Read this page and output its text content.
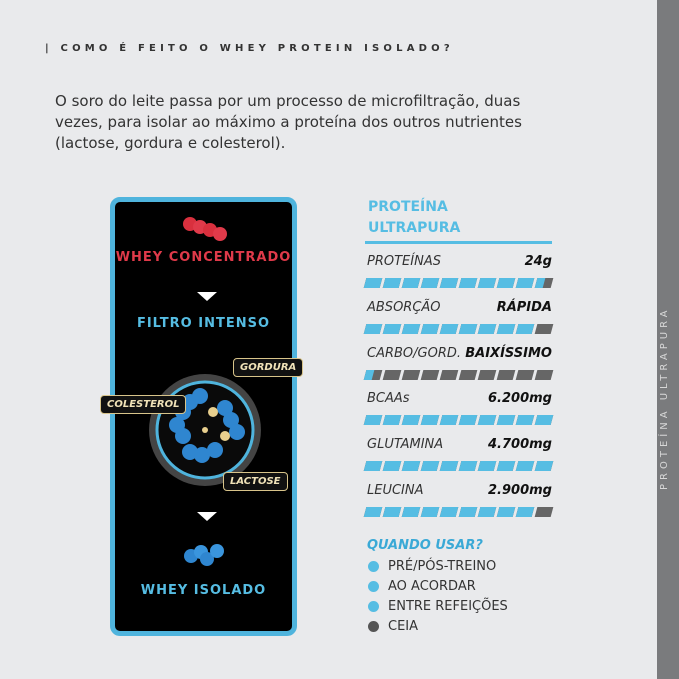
| COMO É FEITO O WHEY PROTEIN ISOLADO?
O soro do leite passa por um processo de microfiltração, duas vezes, para isolar ao máximo a proteína dos outros nutrientes (lactose, gordura e colesterol).
PROTEÍNA ULTRAPURA
WHEY CONCENTRADO
FILTRO INTENSO
GORDURA
COLESTEROL
LACTOSE
WHEY ISOLADO
PROTEÍNA ULTRAPURA
PROTEÍNAS	24g
ABSORÇÃO	RÁPIDA
CARBO/GORD. BAIXÍSSIMO
BCAAs	6.200mg
GLUTAMINA	4.700mg
LEUCINA	2.900mg
QUANDO USAR?
PRÉ/PÓS-TREINO
AO ACORDAR
ENTRE REFEIÇÕES
CEIA
